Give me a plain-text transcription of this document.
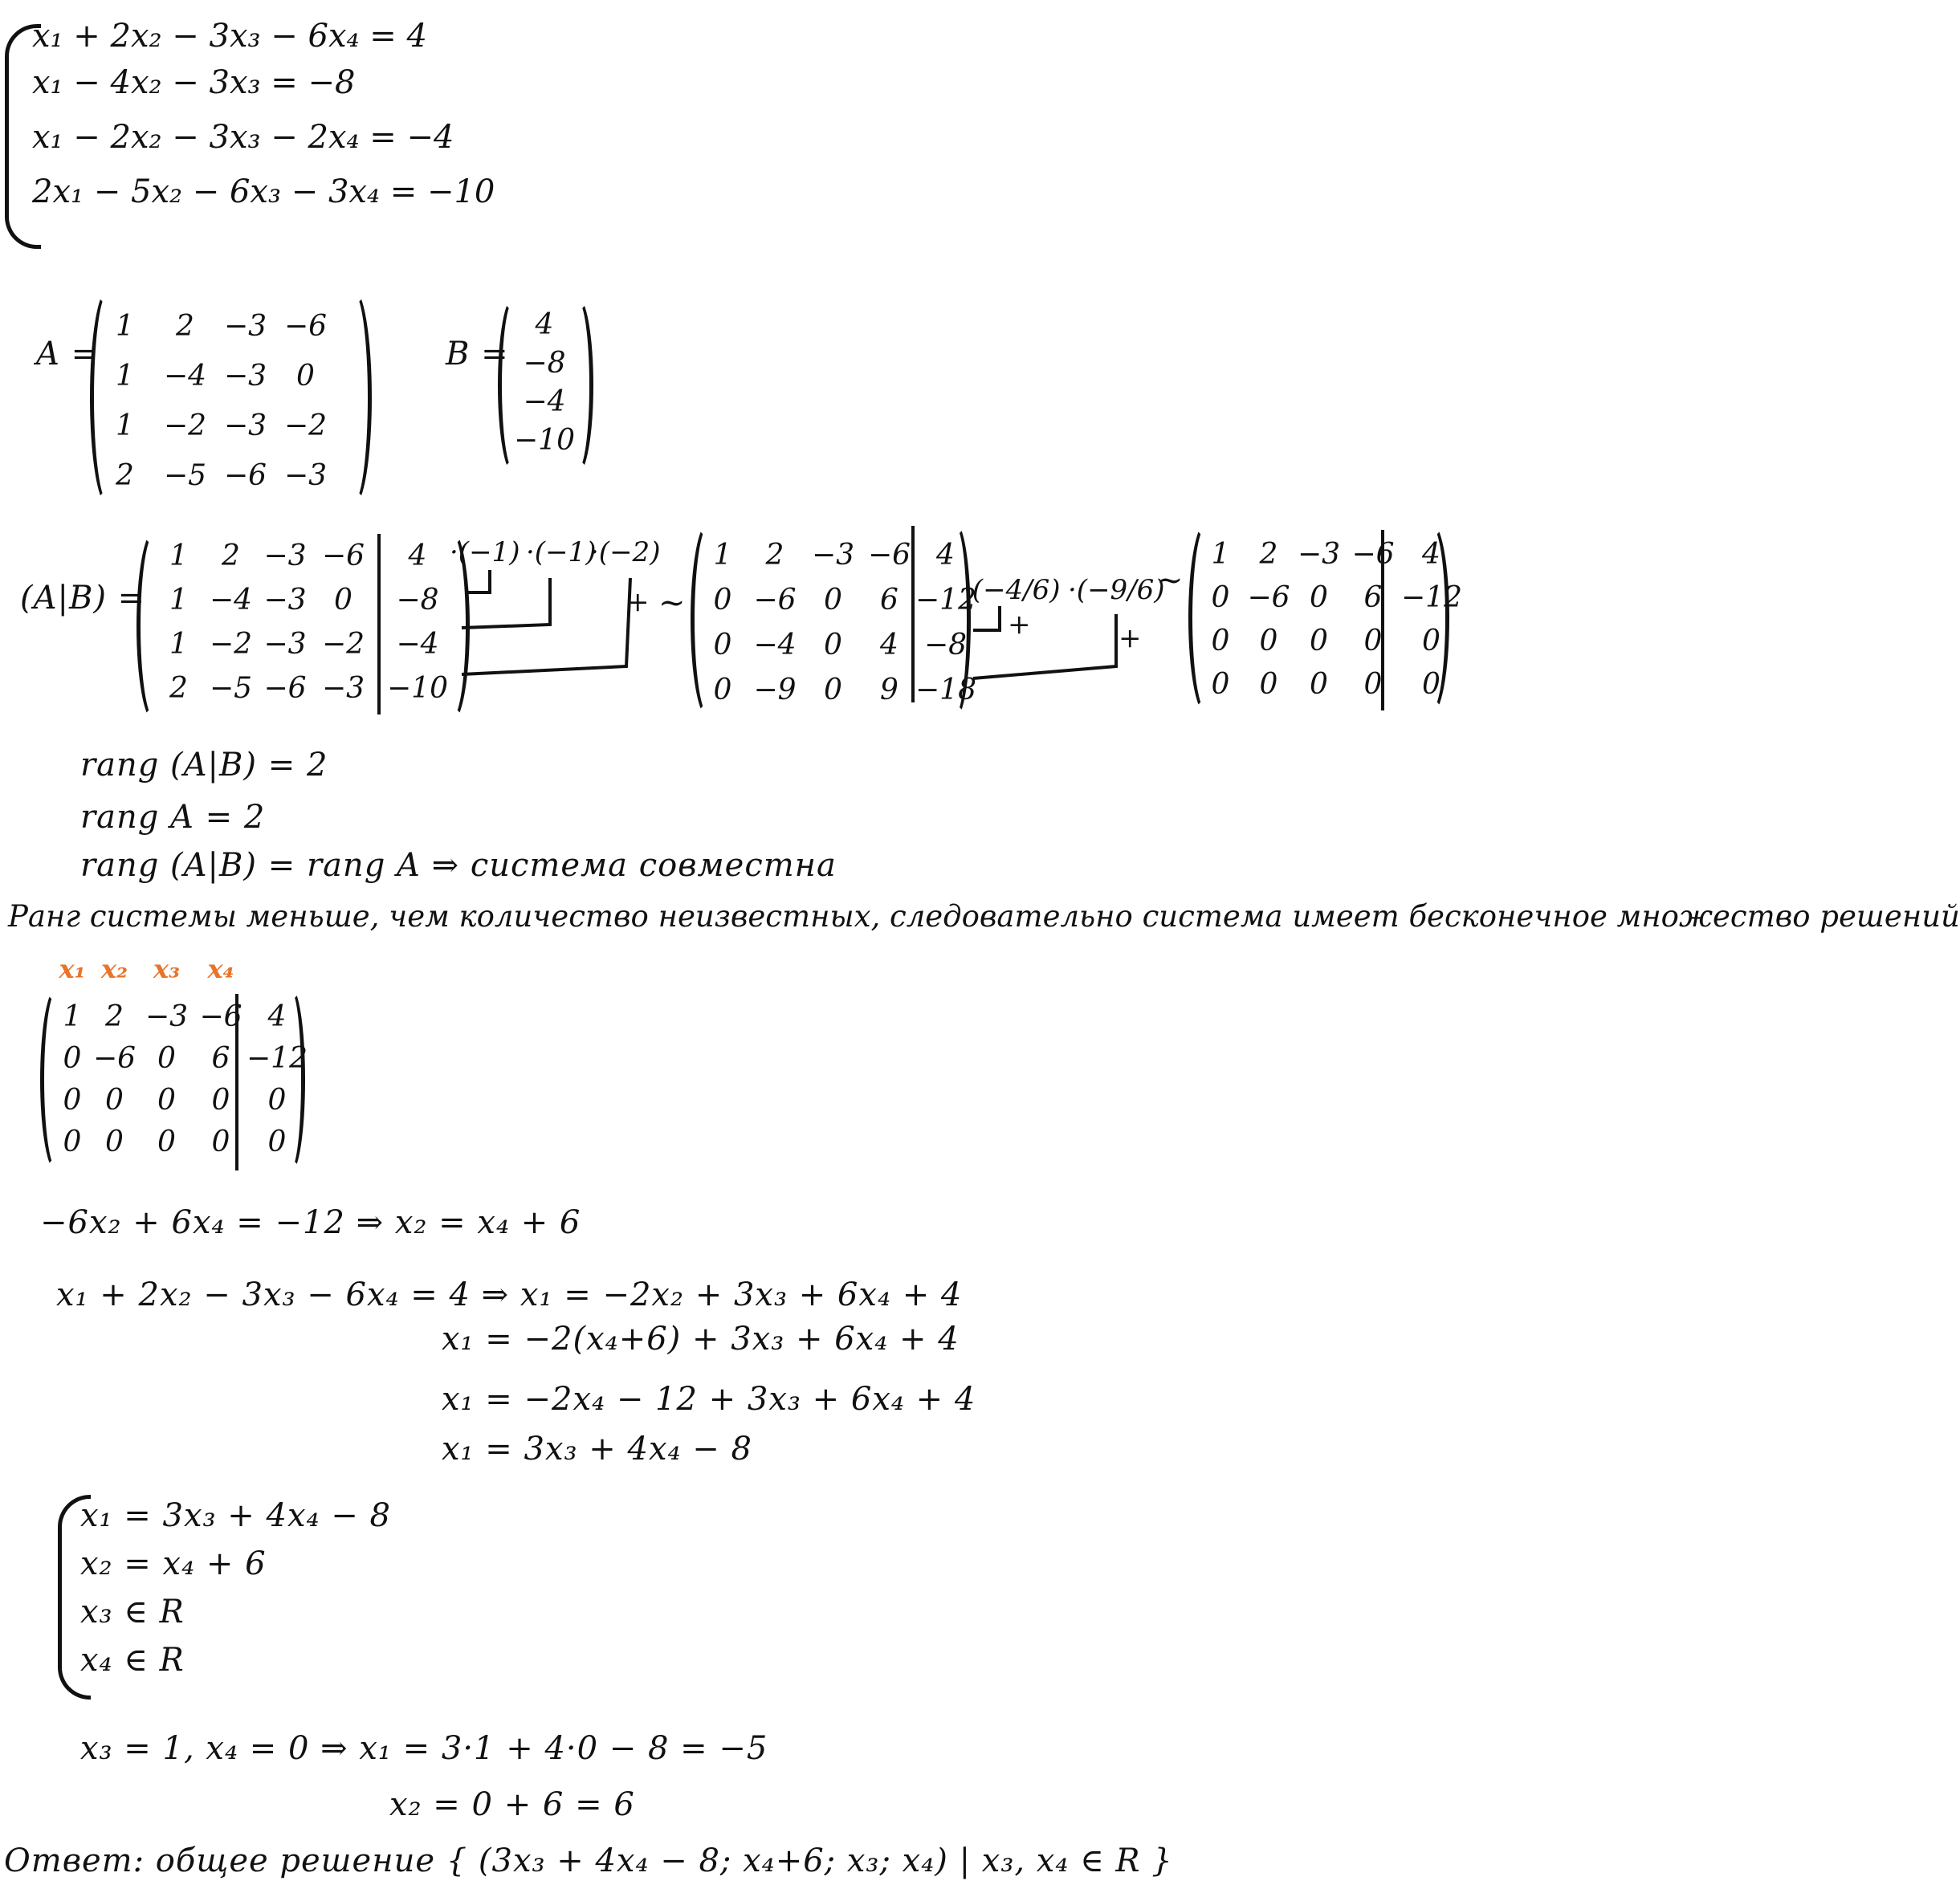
x₁ + 2x₂ − 3x₃ − 6x₄ = 4
x₁ − 4x₂ − 3x₃ = −8
x₁ − 2x₂ − 3x₃ − 2x₄ = −4
2x₁ − 5x₂ − 6x₃ − 3x₄ = −10
A =
1	2	−3 −6
1	−4 −3	0
1	−2 −3 −2
2	−5 −6 −3
B =
4
−8
−4
−10
(A|B) =
1	2 −3 −6	4
1 −4 −3 0	−8
1 −2 −3 −2	−4
2 −5 −6 −3 −10
·(−1) ·(−1)
·(−2)
+ ~
1	2 −3 −6 4
0 −6 0	6 −12
0 −4 0	4 −8
0 −9 0	9 −18
·(−4/6) ·(−9/6)
+	+
~
1	2 −3 −6 4
0 −6 0	6 −12
0	0	0	0	0
0	0	0	0	0
rang (A|B) = 2
rang A = 2
rang (A|B) = rang A ⇒ система совместна
Ранг системы меньше, чем количество неизвестных, следовательно система имеет бесконечное множество решений
x₁ x₂ x₃	x₄
1 2 −3 −6 4
0 −6 0	6 −12
0 0	0	0	0
0 0	0	0	0
−6x₂ + 6x₄ = −12 ⇒ x₂ = x₄ + 6
x₁ + 2x₂ − 3x₃ − 6x₄ = 4 ⇒ x₁ = −2x₂ + 3x₃ + 6x₄ + 4
x₁ = −2(x₄+6) + 3x₃ + 6x₄ + 4
x₁ = −2x₄ − 12 + 3x₃ + 6x₄ + 4
x₁ = 3x₃ + 4x₄ − 8
x₁ = 3x₃ + 4x₄ − 8
x₂ = x₄ + 6
x₃ ∈ R
x₄ ∈ R
x₃ = 1, x₄ = 0 ⇒ x₁ = 3·1 + 4·0 − 8 = −5
x₂ = 0 + 6 = 6
Ответ: общее решение { (3x₃ + 4x₄ − 8; x₄+6; x₃; x₄) | x₃, x₄ ∈ R }
